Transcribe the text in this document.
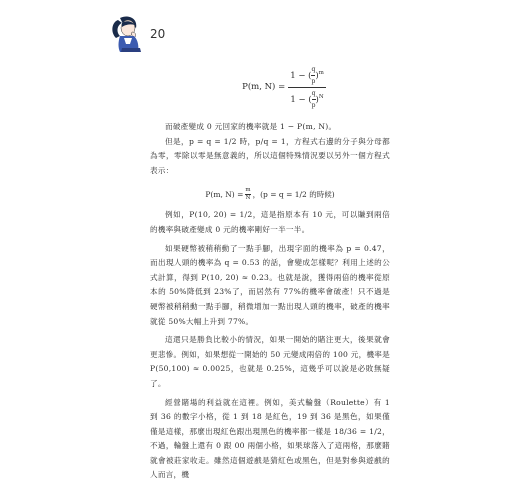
20
P(m, $N) = \frac{1 - ( \frac{q}{p} )^m}{1 - ( \frac{q}{p} )^N}$

而破產變成 0 元回家的機率就是 1 − P(m, N)。

但是，p = q = 1/2 時，p/q = 1，方程式右邊的分子與分母都為零，零除以零是無意義的，所以這個特殊情況要以另外一個方程式表示：

P(m, $N) = \frac{m}{N}$ ，(p = q = 1/2 的時候)

例如，P(10, 20) = 1/2，這是指原本有 10 元，可以賺到兩倍的機率與破產變成 0 元的機率剛好一半一半。

如果硬幣被稍稍動了一點手腳，出現字面的機率為 p = 0.47，而出現人頭的機率為 q = 0.53 的話，會變成怎樣呢？利用上述的公式計算，得到 P(10, 20) ≈ 0.23。也就是說，獲得兩倍的機率從原本的 50%降低到 23%了，而居然有 77%的機率會破產！只不過是硬幣被稍稍動一點手腳，稍微增加一點出現人頭的機率，破產的機率就從 50%大幅上升到 77%。

這還只是勝負比較小的情況，如果一開始的賭注更大，後果就會更悲慘。例如，如果想從一開始的 50 元變成兩倍的 100 元，機率是 P(50,100) ≈ 0.0025，也就是 0.25%，這幾乎可以說是必敗無疑了。

經營賭場的利益就在這裡。例如，美式輪盤（Roulette）有 1 到 36 的數字小格，從 1 到 18 是紅色，19 到 36 是黑色，如果僅僅是這樣，那麼出現紅色跟出現黑色的機率都一樣是 18/36 = 1/2，不過，輪盤上還有 0 跟 00 兩個小格，如果球落入了這兩格，那麼賭就會被莊家收走。雖然這個遊戲是猜紅色或黑色，但是對參與遊戲的人而言，機
